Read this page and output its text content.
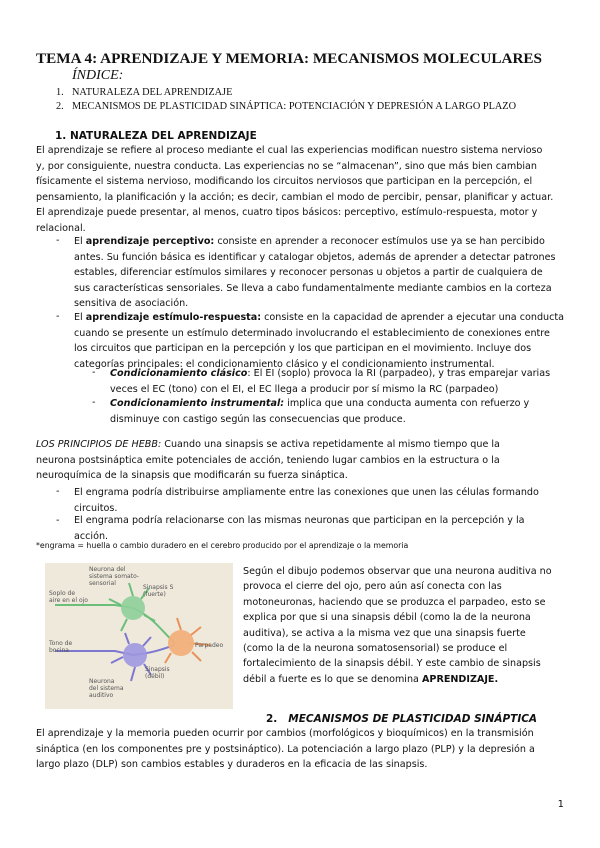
TEMA 4: APRENDIZAJE Y MEMORIA: MECANISMOS MOLECULARES
ÍNDICE:
1. NATURALEZA DEL APRENDIZAJE
2. MECANISMOS DE PLASTICIDAD SINÁPTICA: POTENCIACIÓN Y DEPRESIÓN A LARGO PLAZO
1. NATURALEZA DEL APRENDIZAJE
El aprendizaje se refiere al proceso mediante el cual las experiencias modifican nuestro sistema nervioso
y, por consiguiente, nuestra conducta. Las experiencias no se “almacenan”, sino que más bien cambian
físicamente el sistema nervioso, modificando los circuitos nerviosos que participan en la percepción, el
pensamiento, la planificación y la acción; es decir, cambian el modo de percibir, pensar, planificar y actuar.
El aprendizaje puede presentar, al menos, cuatro tipos básicos: perceptivo, estímulo-respuesta, motor y
relacional.
- El aprendizaje perceptivo: consiste en aprender a reconocer estímulos use ya se han percibido
antes. Su función básica es identificar y catalogar objetos, además de aprender a detectar patrones
estables, diferenciar estímulos similares y reconocer personas u objetos a partir de cualquiera de
sus características sensoriales. Se lleva a cabo fundamentalmente mediante cambios en la corteza
sensitiva de asociación.
- El aprendizaje estímulo-respuesta: consiste en la capacidad de aprender a ejecutar una conducta
cuando se presente un estímulo determinado involucrando el establecimiento de conexiones entre
los circuitos que participan en la percepción y los que participan en el movimiento. Incluye dos
categorías principales: el condicionamiento clásico y el condicionamiento instrumental.
- Condicionamiento clásico: El EI (soplo) provoca la RI (parpadeo), y tras emparejar varias
veces el EC (tono) con el EI, el EC llega a producir por sí mismo la RC (parpadeo)
- Condicionamiento instrumental: implica que una conducta aumenta con refuerzo y
disminuye con castigo según las consecuencias que produce.
LOS PRINCIPIOS DE HEBB: Cuando una sinapsis se activa repetidamente al mismo tiempo que la
neurona postsináptica emite potenciales de acción, teniendo lugar cambios en la estructura o la
neuroquímica de la sinapsis que modificarán su fuerza sináptica.
- El engrama podría distribuirse ampliamente entre las conexiones que unen las células formando
circuitos.
- El engrama podría relacionarse con las mismas neuronas que participan en la percepción y la
acción.
*engrama = huella o cambio duradero en el cerebro producido por el aprendizaje o la memoria
Neurona del sistema somato-sensorial
Sinapsis S (fuerte)
Soplo de aire en el ojo
Tono de bocina
Sinapsis (débil)
Neurona del sistema auditivo
Parpadeo
Según el dibujo podemos observar que una neurona auditiva no
provoca el cierre del ojo, pero aún así conecta con las
motoneuronas, haciendo que se produzca el parpadeo, esto se
explica por que si una sinapsis débil (como la de la neurona
auditiva), se activa a la misma vez que una sinapsis fuerte
(como la de la neurona somatosensorial) se produce el
fortalecimiento de la sinapsis débil. Y este cambio de sinapsis
débil a fuerte es lo que se denomina APRENDIZAJE.
2. MECANISMOS DE PLASTICIDAD SINÁPTICA
El aprendizaje y la memoria pueden ocurrir por cambios (morfológicos y bioquímicos) en la transmisión
sináptica (en los componentes pre y postsináptico). La potenciación a largo plazo (PLP) y la depresión a
largo plazo (DLP) son cambios estables y duraderos en la eficacia de las sinapsis.
1
